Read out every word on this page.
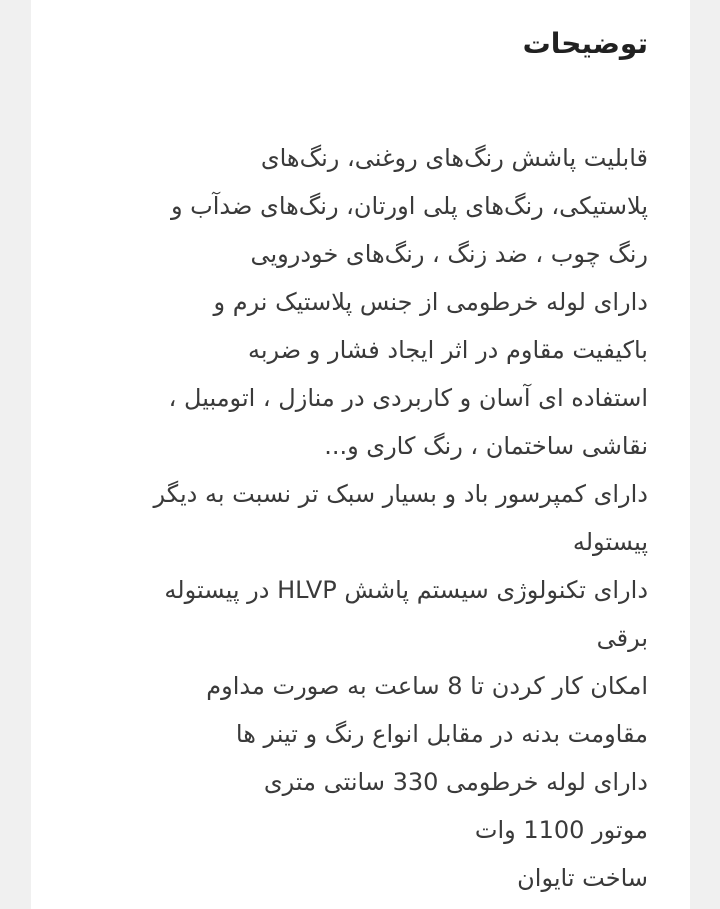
توضیحات
قابلیت پاشش رنگ‌های روغنی، رنگ‌های
پلاستیکی، رنگ‌های پلی اورتان، رنگ‌های ضدآب و
رنگ چوب ، ضد زنگ ، رنگ‌های خودرویی
دارای لوله خرطومی از جنس پلاستیک نرم و
باکیفیت مقاوم در اثر ایجاد فشار و ضربه
استفاده ای آسان و کاربردی در منازل ، اتومبیل ،
نقاشی ساختمان ، رنگ کاری و...
دارای کمپرسور باد و بسیار سبک تر نسبت به دیگر
پیستوله
دارای تکنولوژی سیستم پاشش HLVP در پیستوله
برقی
امکان کار کردن تا 8 ساعت به صورت مداوم
مقاومت بدنه در مقابل انواع رنگ و تینر ها
دارای لوله خرطومی 330 سانتی متری
موتور 1100 وات
ساخت تایوان
